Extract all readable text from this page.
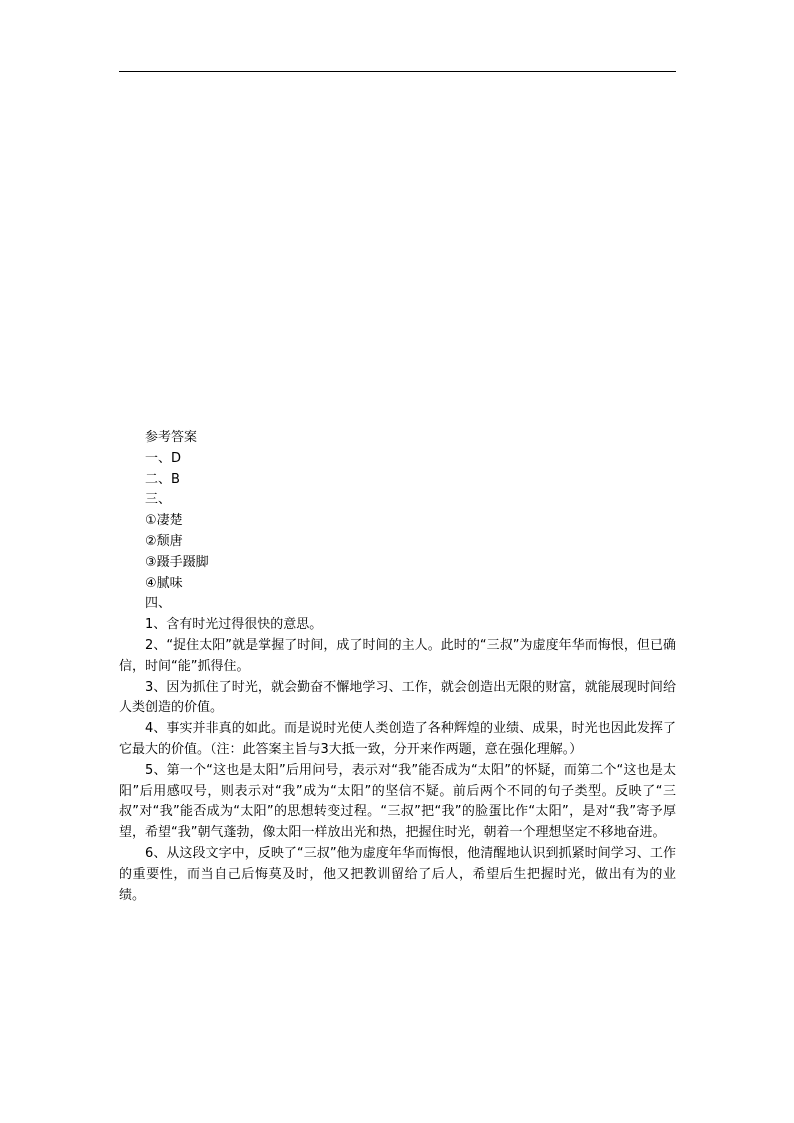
参考答案

一、D

二、B

三、

①凄楚

②颓唐

③蹑手蹑脚

④腻味

四、

1、含有时光过得很快的意思。

2、“捉住太阳”就是掌握了时间，成了时间的主人。此时的“三叔”为虚度年华而悔恨，但已确信，时间“能”抓得住。

3、因为抓住了时光，就会勤奋不懈地学习、工作，就会创造出无限的财富，就能展现时间给人类创造的价值。

4、事实并非真的如此。而是说时光使人类创造了各种辉煌的业绩、成果，时光也因此发挥了它最大的价值。（注：此答案主旨与3大抵一致，分开来作两题，意在强化理解。）

5、第一个“这也是太阳”后用问号，表示对“我”能否成为“太阳”的怀疑，而第二个“这也是太阳”后用感叹号，则表示对“我”成为“太阳”的坚信不疑。前后两个不同的句子类型。反映了“三叔”对“我”能否成为“太阳”的思想转变过程。“三叔”把“我”的脸蛋比作“太阳”，是对“我”寄予厚望，希望“我”朝气蓬勃，像太阳一样放出光和热，把握住时光，朝着一个理想坚定不移地奋进。

6、从这段文字中，反映了“三叔”他为虚度年华而悔恨，他清醒地认识到抓紧时间学习、工作的重要性，而当自己后悔莫及时，他又把教训留给了后人，希望后生把握时光，做出有为的业绩。
